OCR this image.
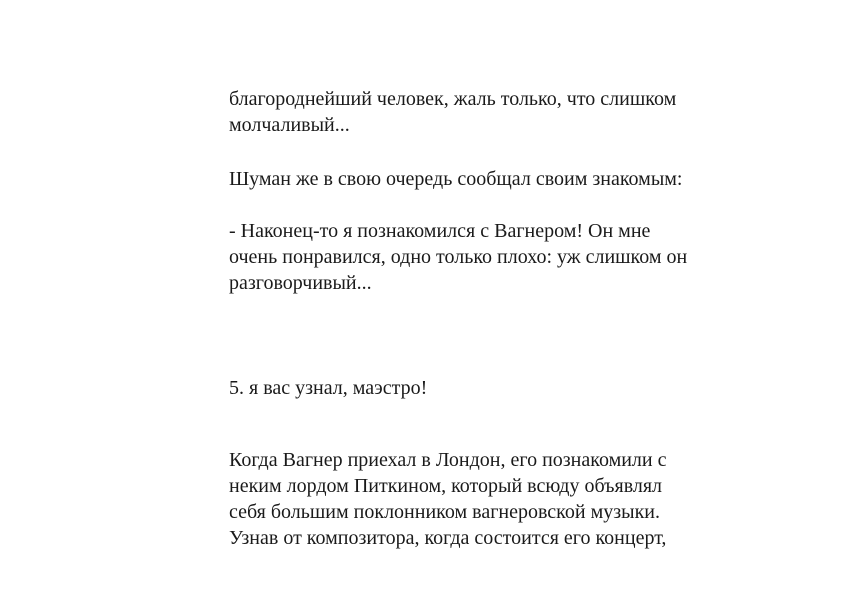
благороднейший человек, жаль только, что слишком
молчаливый...

Шуман же в свою очередь сообщал своим знакомым:

- Наконец-то я познакомился с Вагнером! Он мне
очень понравился, одно только плохо: уж слишком он
разговорчивый...

5. я вас узнал, маэстро!

Когда Вагнер приехал в Лондон, его познакомили с
неким лордом Питкином, который всюду объявлял
себя большим поклонником вагнеровской музыки.
Узнав от композитора, когда состоится его концерт,
